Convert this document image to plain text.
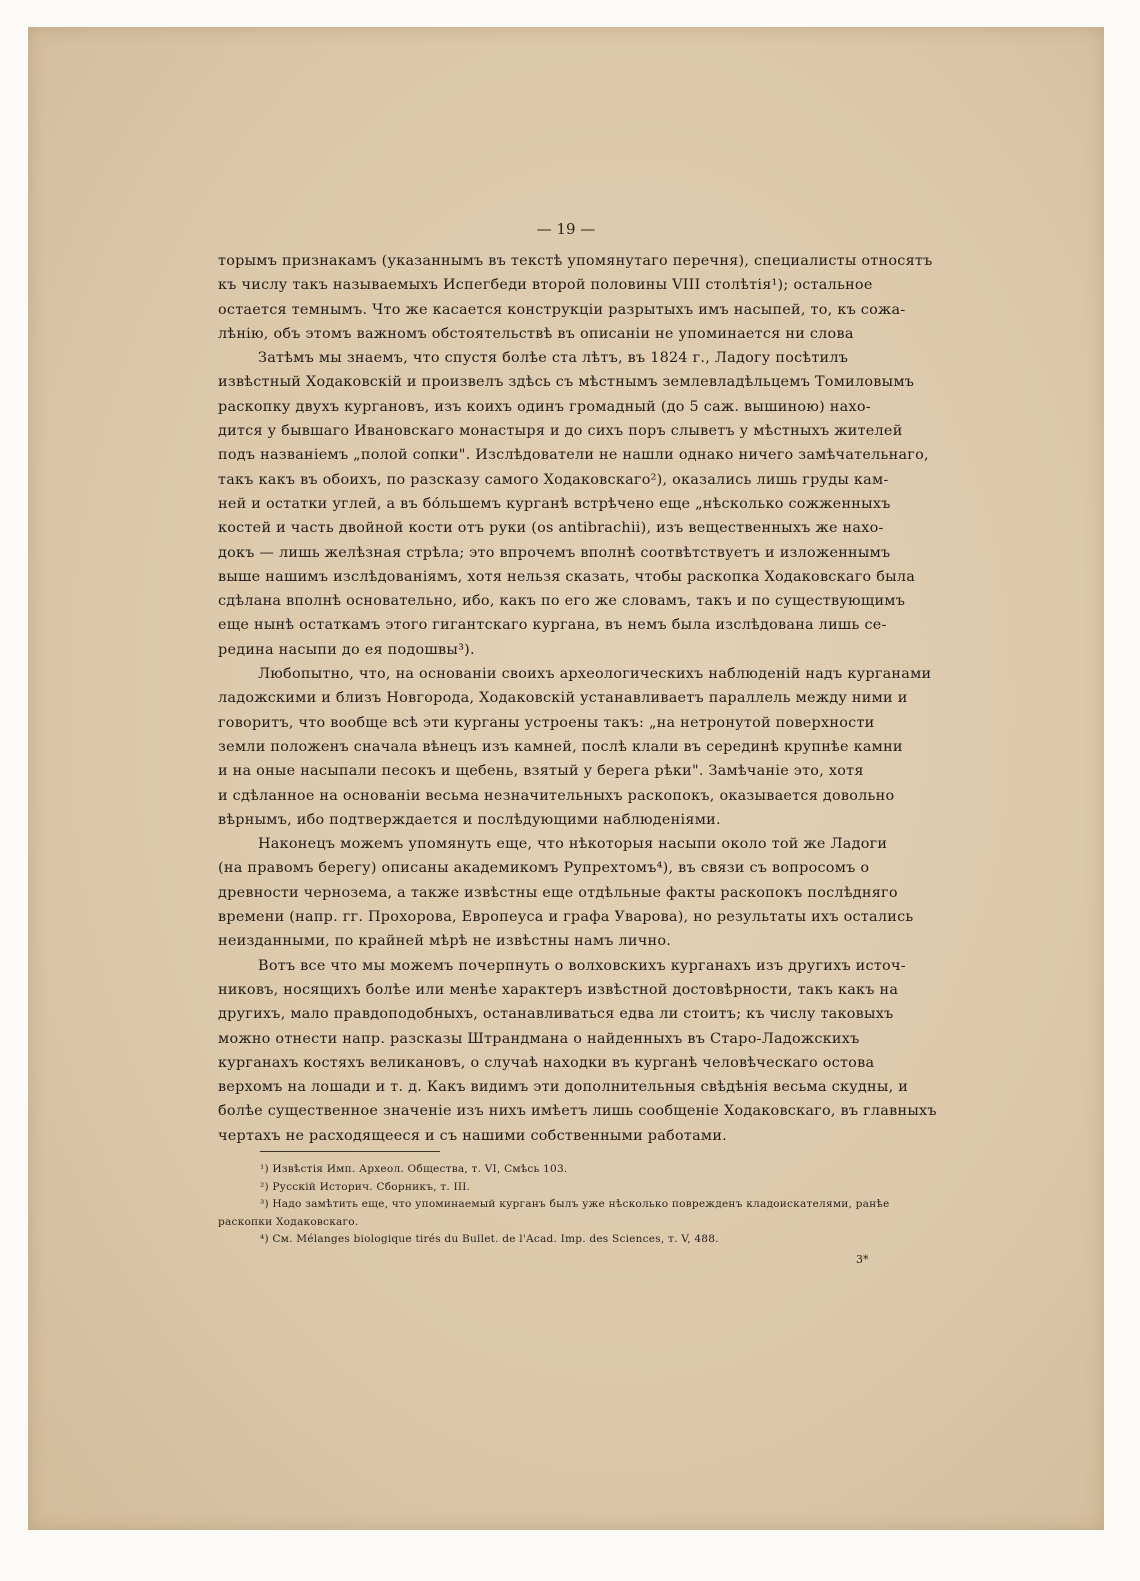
— 19 —
торымъ признакамъ (указаннымъ въ текстѣ упомянутаго перечня), специалисты относятъ
къ числу такъ называемыхъ Испегбеди второй половины VIII столѣтія¹); остальное
остается темнымъ. Что же касается конструкціи разрытыхъ имъ насыпей, то, къ сожа-
лѣнію, объ этомъ важномъ обстоятельствѣ въ описаніи не упоминается ни слова
Затѣмъ мы знаемъ, что спустя болѣе ста лѣтъ, въ 1824 г., Ладогу посѣтилъ
извѣстный Ходаковскій и произвелъ здѣсь съ мѣстнымъ землевладѣльцемъ Томиловымъ
раскопку двухъ кургановъ, изъ коихъ одинъ громадный (до 5 саж. вышиною) нахо-
дится у бывшаго Ивановскаго монастыря и до сихъ поръ слыветъ у мѣстныхъ жителей
подъ названіемъ „полой сопки". Изслѣдователи не нашли однако ничего замѣчательнаго,
такъ какъ въ обоихъ, по разсказу самого Ходаковскаго²), оказались лишь груды кам-
ней и остатки углей, а въ бо́льшемъ курганѣ встрѣчено еще „нѣсколько сожженныхъ
костей и часть двойной кости отъ руки (os antibrachii), изъ вещественныхъ же нахо-
докъ — лишь желѣзная стрѣла; это впрочемъ вполнѣ соотвѣтствуетъ и изложеннымъ
выше нашимъ изслѣдованіямъ, хотя нельзя сказать, чтобы раскопка Ходаковскаго была
сдѣлана вполнѣ основательно, ибо, какъ по его же словамъ, такъ и по существующимъ
еще нынѣ остаткамъ этого гигантскаго кургана, въ немъ была изслѣдована лишь се-
редина насыпи до ея подошвы³).
Любопытно, что, на основаніи своихъ археологическихъ наблюденій надъ курганами
ладожскими и близъ Новгорода, Ходаковскій устанавливаетъ параллель между ними и
говоритъ, что вообще всѣ эти курганы устроены такъ: „на нетронутой поверхности
земли положенъ сначала вѣнецъ изъ камней, послѣ клали въ серединѣ крупнѣе камни
и на оные насыпали песокъ и щебень, взятый у берега рѣки". Замѣчаніе это, хотя
и сдѣланное на основаніи весьма незначительныхъ раскопокъ, оказывается довольно
вѣрнымъ, ибо подтверждается и послѣдующими наблюденіями.
Наконецъ можемъ упомянуть еще, что нѣкоторыя насыпи около той же Ладоги
(на правомъ берегу) описаны академикомъ Рупрехтомъ⁴), въ связи съ вопросомъ о
древности чернозема, а также извѣстны еще отдѣльные факты раскопокъ послѣдняго
времени (напр. гг. Прохорова, Европеуса и графа Уварова), но результаты ихъ остались
неизданными, по крайней мѣрѣ не извѣстны намъ лично.
Вотъ все что мы можемъ почерпнуть о волховскихъ курганахъ изъ другихъ источ-
никовъ, носящихъ болѣе или менѣе характеръ извѣстной достовѣрности, такъ какъ на
другихъ, мало правдоподобныхъ, останавливаться едва ли стоитъ; къ числу таковыхъ
можно отнести напр. разсказы Штрандмана о найденныхъ въ Старо-Ладожскихъ
курганахъ костяхъ великановъ, о случаѣ находки въ курганѣ человѣческаго остова
верхомъ на лошади и т. д. Какъ видимъ эти дополнительныя свѣдѣнія весьма скудны, и
болѣе существенное значеніе изъ нихъ имѣетъ лишь сообщеніе Ходаковскаго, въ главныхъ
чертахъ не расходящееся и съ нашими собственными работами.
¹) Извѣстія Имп. Археол. Общества, т. VI, Смѣсь 103.
²) Русскій Историч. Сборникъ, т. III.
³) Надо замѣтить еще, что упоминаемый курганъ былъ уже нѣсколько поврежденъ кладоискателями, ранѣе
раскопки Ходаковскаго.
⁴) См. Mélanges biologique tirés du Bullet. de l'Acad. Imp. des Sciences, т. V, 488.
3*
